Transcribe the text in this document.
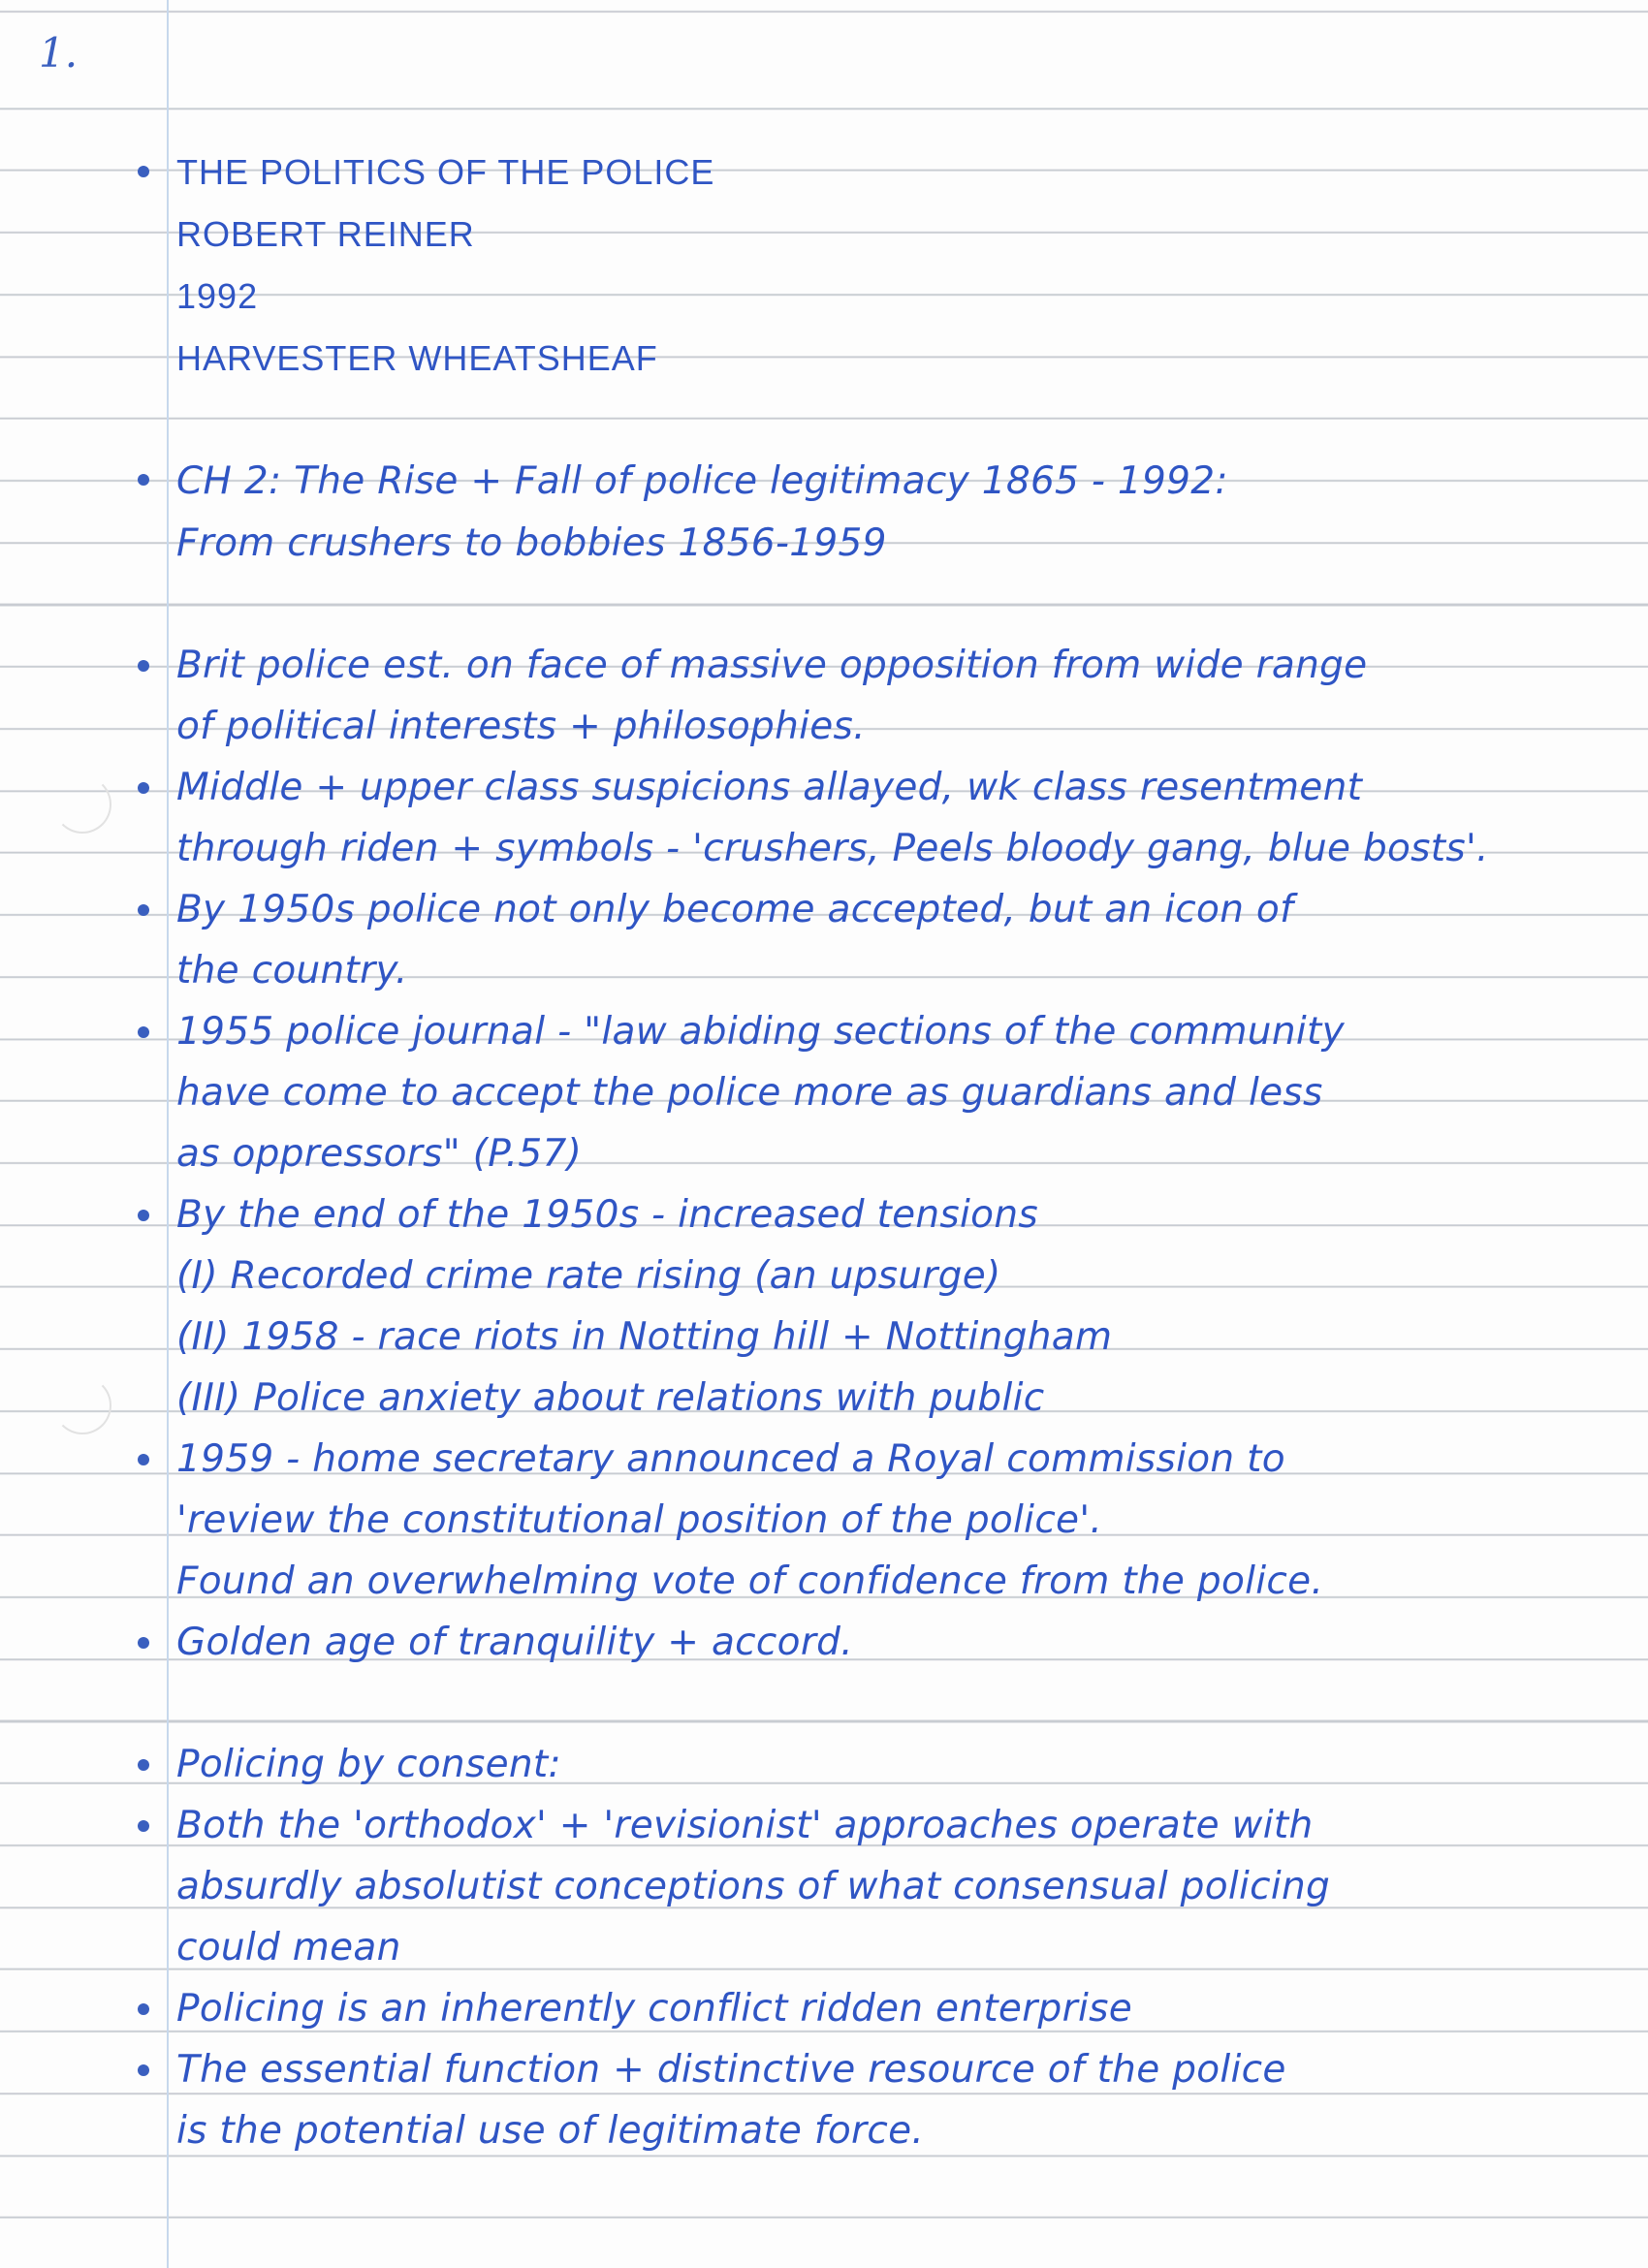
1.
THE POLITICS OF THE POLICE
ROBERT REINER
1992
HARVESTER WHEATSHEAF
CH 2: The Rise + Fall of police legitimacy 1865 - 1992:
From crushers to bobbies 1856-1959
Brit police est. on face of massive opposition from wide range
of political interests + philosophies.
Middle + upper class suspicions allayed, wk class resentment
through riden + symbols - 'crushers, Peels bloody gang, blue bosts'.
By 1950s police not only become accepted, but an icon of
the country.
1955 police journal - "law abiding sections of the community
have come to accept the police more as guardians and less
as oppressors" (P.57)
By the end of the 1950s - increased tensions
(I) Recorded crime rate rising (an upsurge)
(II) 1958 - race riots in Notting hill + Nottingham
(III) Police anxiety about relations with public
1959 - home secretary announced a Royal commission to
'review the constitutional position of the police'.
Found an overwhelming vote of confidence from the police.
Golden age of tranquility + accord.
Policing by consent:
Both the 'orthodox' + 'revisionist' approaches operate with
absurdly absolutist conceptions of what consensual policing
could mean
Policing is an inherently conflict ridden enterprise
The essential function + distinctive resource of the police
is the potential use of legitimate force.
